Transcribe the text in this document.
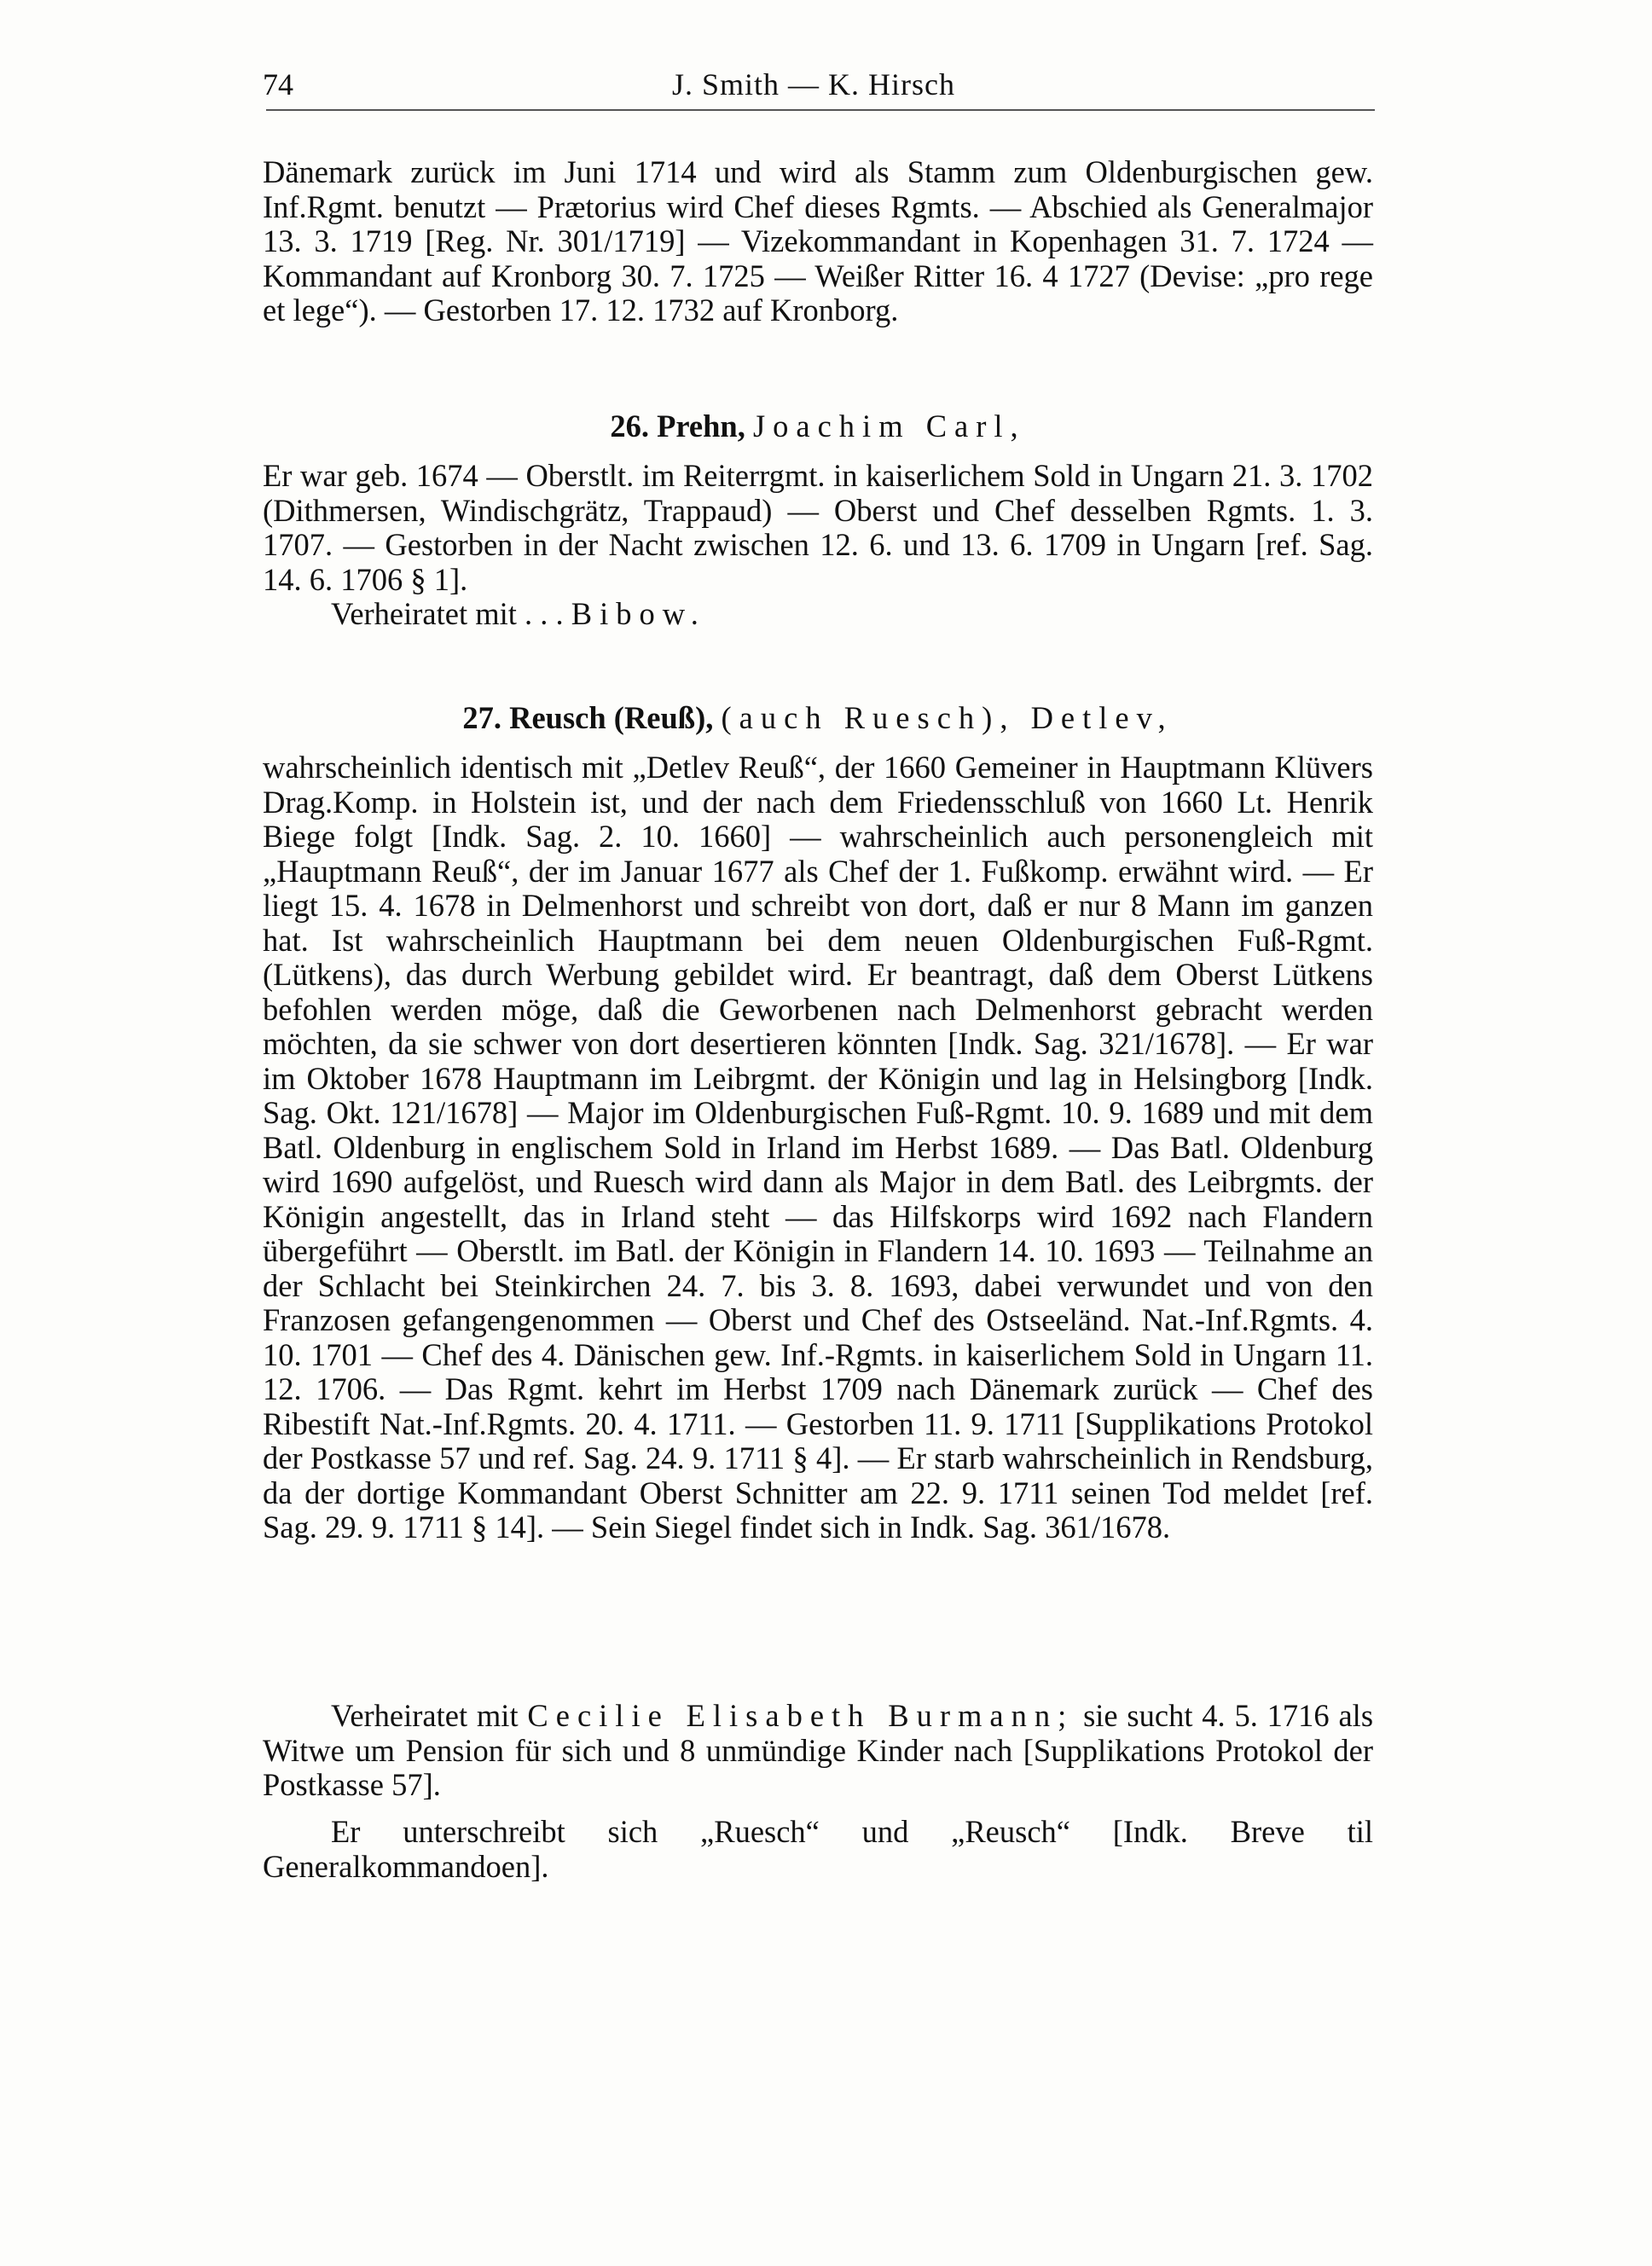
74	J. Smith — K. Hirsch

Dänemark zurück im Juni 1714 und wird als Stamm zum Oldenburgischen gew. Inf.Rgmt. benutzt — Prætorius wird Chef dieses Rgmts. — Abschied als Generalmajor 13. 3. 1719 [Reg. Nr. 301/1719] — Vizekommandant in Kopenhagen 31. 7. 1724 — Kommandant auf Kronborg 30. 7. 1725 — Weißer Ritter 16. 4 1727 (Devise: „pro rege et lege“). — Gestorben 17. 12. 1732 auf Kronborg.

26. Prehn, Joachim Carl,

Er war geb. 1674 — Oberstlt. im Reiterrgmt. in kaiserlichem Sold in Ungarn 21. 3. 1702 (Dithmersen, Windischgrätz, Trappaud) — Oberst und Chef desselben Rgmts. 1. 3. 1707. — Gestorben in der Nacht zwischen 12. 6. und 13. 6. 1709 in Ungarn [ref. Sag. 14. 6. 1706 § 1].

Verheiratet mit . . . Bibow.

27. Reusch (Reuß), (auch Ruesch), Detlev,

wahrscheinlich identisch mit „Detlev Reuß“, der 1660 Gemeiner in Hauptmann Klüvers Drag.Komp. in Holstein ist, und der nach dem Friedensschluß von 1660 Lt. Henrik Biege folgt [Indk. Sag. 2. 10. 1660] — wahrscheinlich auch personengleich mit „Hauptmann Reuß“, der im Januar 1677 als Chef der 1. Fußkomp. erwähnt wird. — Er liegt 15. 4. 1678 in Delmenhorst und schreibt von dort, daß er nur 8 Mann im ganzen hat. Ist wahrscheinlich Hauptmann bei dem neuen Oldenburgischen Fuß-Rgmt. (Lütkens), das durch Werbung gebildet wird. Er beantragt, daß dem Oberst Lütkens befohlen werden möge, daß die Geworbenen nach Delmenhorst gebracht werden möchten, da sie schwer von dort desertieren könnten [Indk. Sag. 321/1678]. — Er war im Oktober 1678 Hauptmann im Leibrgmt. der Königin und lag in Helsingborg [Indk. Sag. Okt. 121/1678] — Major im Oldenburgischen Fuß-Rgmt. 10. 9. 1689 und mit dem Batl. Oldenburg in englischem Sold in Irland im Herbst 1689. — Das Batl. Oldenburg wird 1690 aufgelöst, und Ruesch wird dann als Major in dem Batl. des Leibrgmts. der Königin angestellt, das in Irland steht — das Hilfskorps wird 1692 nach Flandern übergeführt — Oberstlt. im Batl. der Königin in Flandern 14. 10. 1693 — Teilnahme an der Schlacht bei Steinkirchen 24. 7. bis 3. 8. 1693, dabei verwundet und von den Franzosen gefangengenommen — Oberst und Chef des Ostseeländ. Nat.-Inf.Rgmts. 4. 10. 1701 — Chef des 4. Dänischen gew. Inf.-Rgmts. in kaiserlichem Sold in Ungarn 11. 12. 1706. — Das Rgmt. kehrt im Herbst 1709 nach Dänemark zurück — Chef des Ribestift Nat.-Inf.Rgmts. 20. 4. 1711. — Gestorben 11. 9. 1711 [Supplikations Protokol der Postkasse 57 und ref. Sag. 24. 9. 1711 § 4]. — Er starb wahrscheinlich in Rendsburg, da der dortige Kommandant Oberst Schnitter am 22. 9. 1711 seinen Tod meldet [ref. Sag. 29. 9. 1711 § 14]. — Sein Siegel findet sich in Indk. Sag. 361/1678.

Verheiratet mit Cecilie Elisabeth Burmann; sie sucht 4. 5. 1716 als Witwe um Pension für sich und 8 unmündige Kinder nach [Supplikations Protokol der Postkasse 57].

Er unterschreibt sich „Ruesch“ und „Reusch“ [Indk. Breve til Generalkommandoen].
